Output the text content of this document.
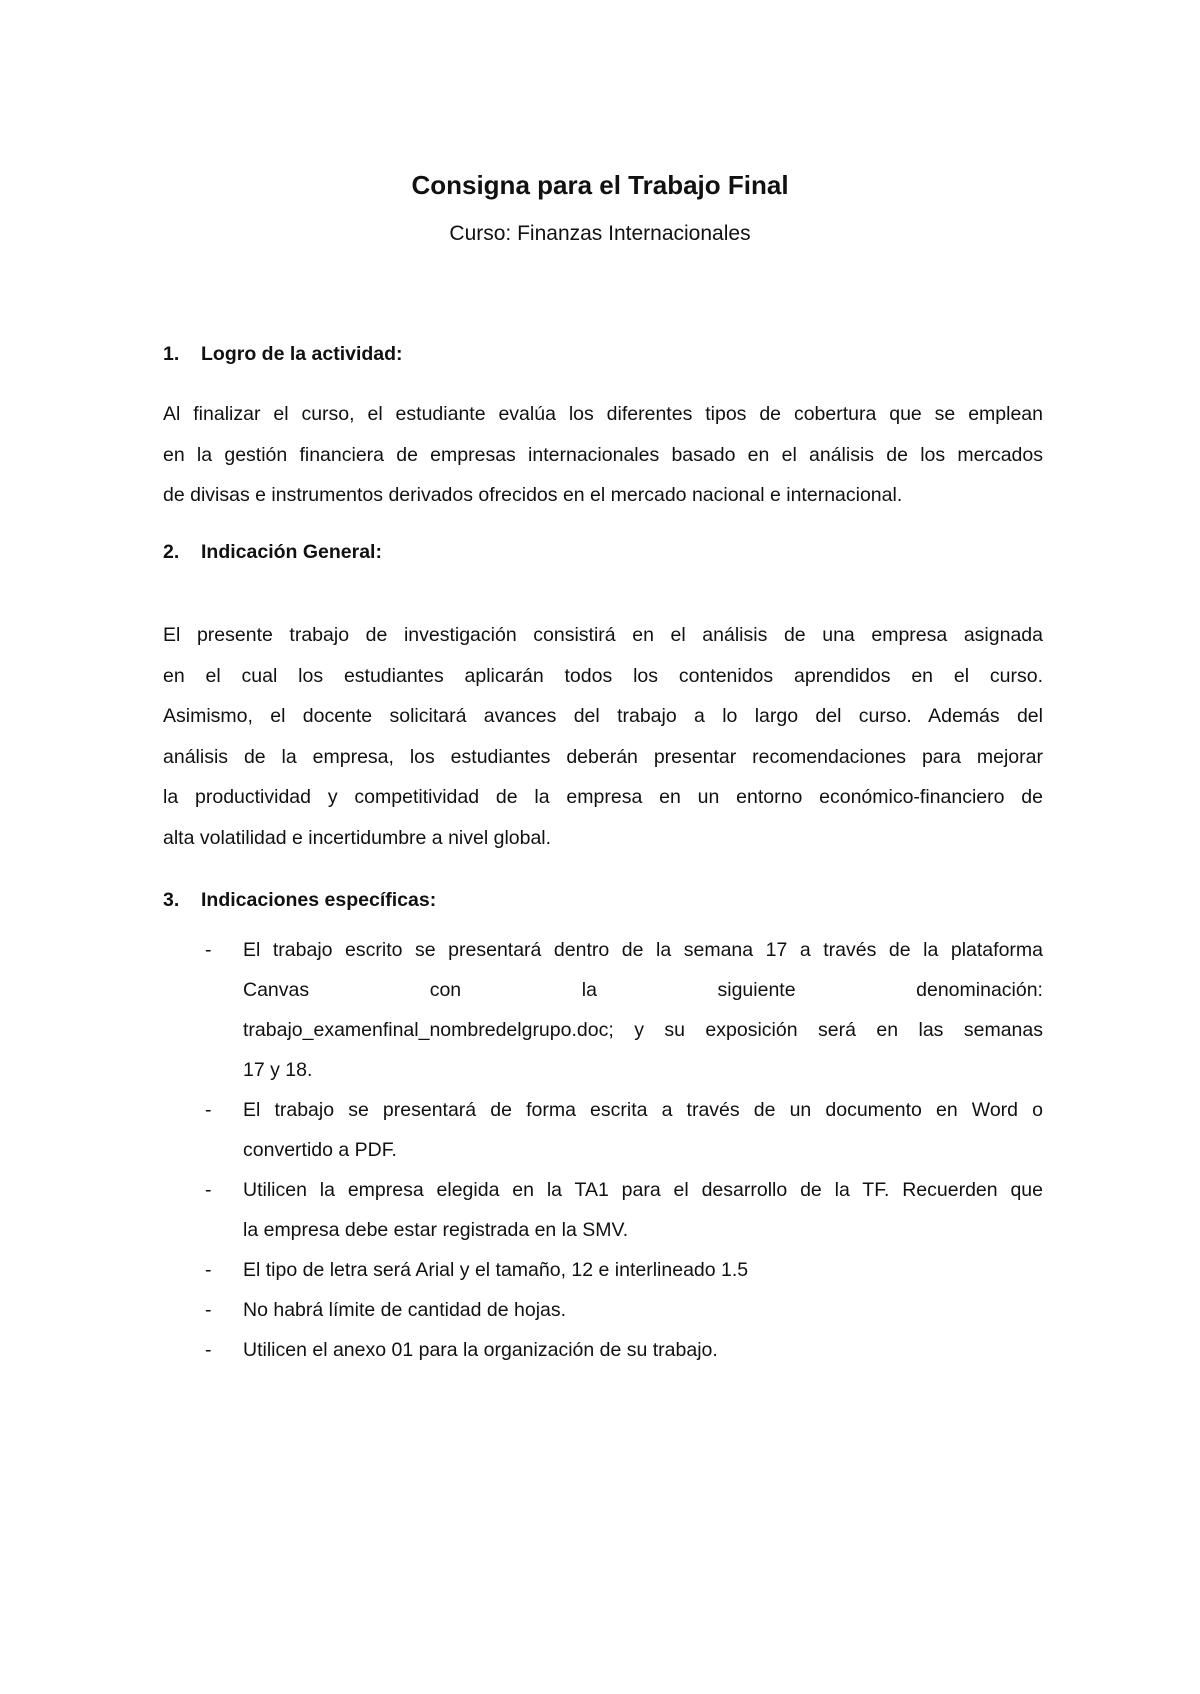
Consigna para el Trabajo Final

Curso: Finanzas Internacionales

1. Logro de la actividad:

Al finalizar el curso, el estudiante evalúa los diferentes tipos de cobertura que se emplean
en la gestión financiera de empresas internacionales basado en el análisis de los mercados
de divisas e instrumentos derivados ofrecidos en el mercado nacional e internacional.

2. Indicación General:

El presente trabajo de investigación consistirá en el análisis de una empresa asignada
en el cual los estudiantes aplicarán todos los contenidos aprendidos en el curso.
Asimismo, el docente solicitará avances del trabajo a lo largo del curso. Además del
análisis de la empresa, los estudiantes deberán presentar recomendaciones para mejorar
la productividad y competitividad de la empresa en un entorno económico-financiero de
alta volatilidad e incertidumbre a nivel global.

3. Indicaciones específicas:
- El trabajo escrito se presentará dentro de la semana 17 a través de la plataforma
Canvas	con	la	siguiente	denominación:
trabajo_examenfinal_nombredelgrupo.doc; y su exposición será en las semanas
17 y 18.
- El trabajo se presentará de forma escrita a través de un documento en Word o
convertido a PDF.
- Utilicen la empresa elegida en la TA1 para el desarrollo de la TF. Recuerden que
la empresa debe estar registrada en la SMV.
- El tipo de letra será Arial y el tamaño, 12 e interlineado 1.5
- No habrá límite de cantidad de hojas.
- Utilicen el anexo 01 para la organización de su trabajo.
